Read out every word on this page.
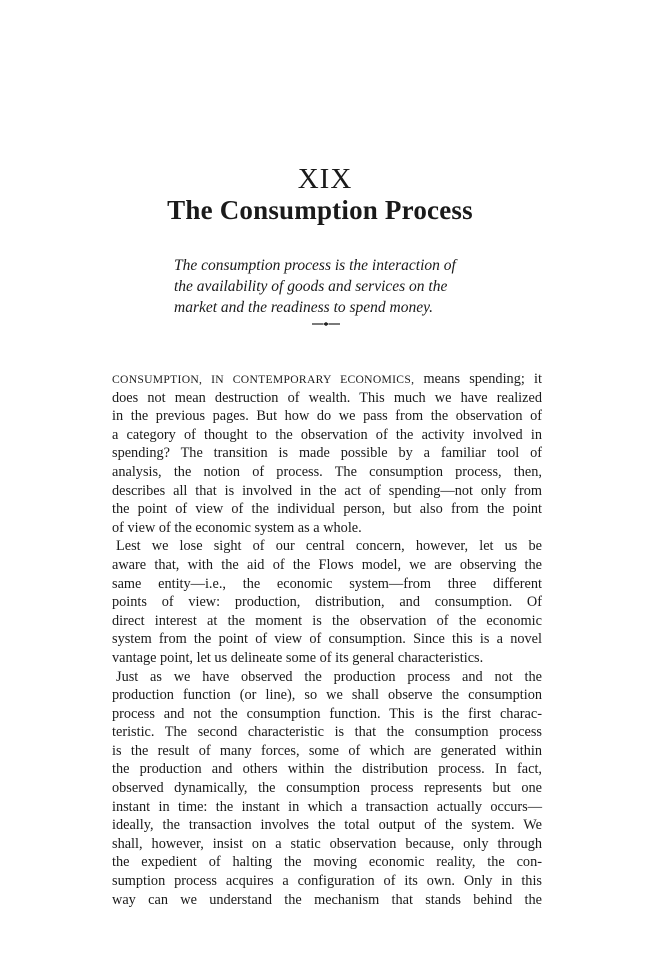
XIX
The Consumption Process
The consumption process is the interaction of
the availability of goods and services on the
market and the readiness to spend money.
CONSUMPTION, IN CONTEMPORARY ECONOMICS, means spending; it
does not mean destruction of wealth. This much we have realized
in the previous pages. But how do we pass from the observation of
a category of thought to the observation of the activity involved in
spending? The transition is made possible by a familiar tool of
analysis, the notion of process. The consumption process, then,
describes all that is involved in the act of spending—not only from
the point of view of the individual person, but also from the point
of view of the economic system as a whole.
Lest we lose sight of our central concern, however, let us be
aware that, with the aid of the Flows model, we are observing the
same entity—i.e., the economic system—from three different
points of view: production, distribution, and consumption. Of
direct interest at the moment is the observation of the economic
system from the point of view of consumption. Since this is a novel
vantage point, let us delineate some of its general characteristics.
Just as we have observed the production process and not the
production function (or line), so we shall observe the consumption
process and not the consumption function. This is the first charac-
teristic. The second characteristic is that the consumption process
is the result of many forces, some of which are generated within
the production and others within the distribution process. In fact,
observed dynamically, the consumption process represents but one
instant in time: the instant in which a transaction actually occurs—
ideally, the transaction involves the total output of the system. We
shall, however, insist on a static observation because, only through
the expedient of halting the moving economic reality, the con-
sumption process acquires a configuration of its own. Only in this
way can we understand the mechanism that stands behind the
